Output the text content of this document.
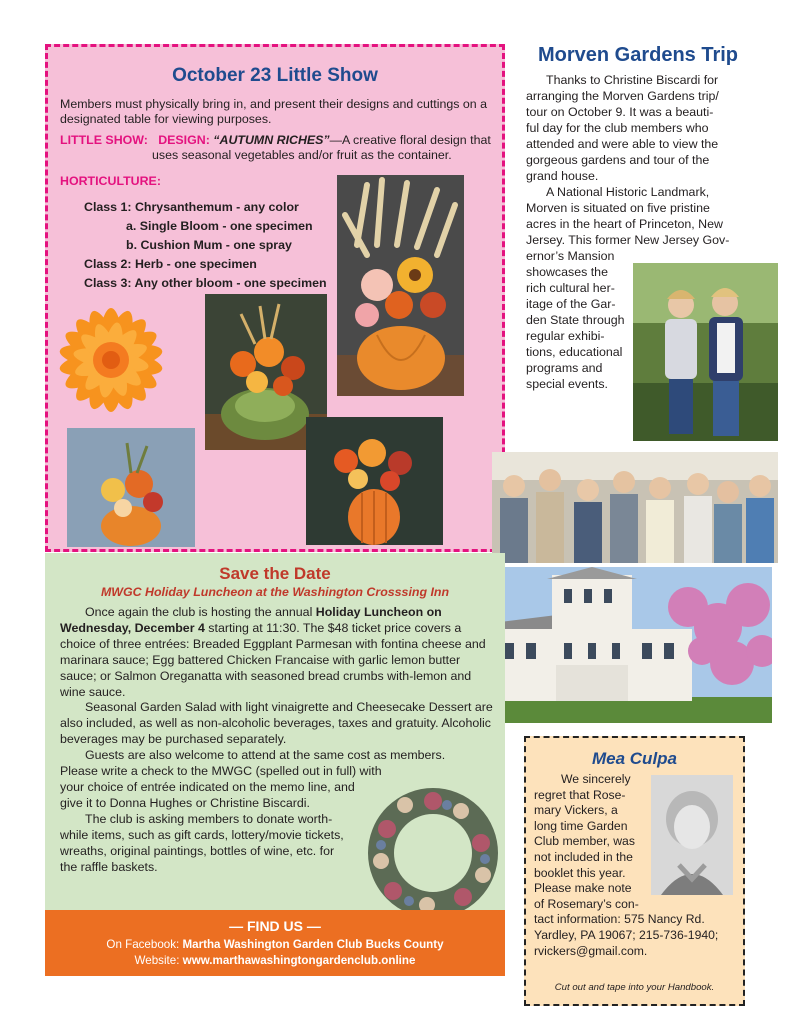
October 23 Little Show
Members must physically bring in, and present their designs and cuttings on a designated table for viewing purposes.
LITTLE SHOW: DESIGN: “AUTUMN RICHES”—A creative floral design that
uses seasonal vegetables and/or fruit as the container.
HORTICULTURE:
Class 1: Chrysanthemum - any color
a. Single Bloom - one specimen
b. Cushion Mum - one spray
Class 2: Herb - one specimen
Class 3: Any other bloom - one specimen
Morven Gardens Trip
Thanks to Christine Biscardi for
arranging the Morven Gardens trip/
tour on October 9. It was a beauti-
ful day for the club members who
attended and were able to view the
gorgeous gardens and tour of the
grand house.
A National Historic Landmark,
Morven is situated on five pristine
acres in the heart of Princeton, New
Jersey. This former New Jersey Gov-
ernor’s Mansion
showcases the
rich cultural her-
itage of the Gar-
den State through
regular exhibi-
tions, educational
programs and
special events.
Save the Date
MWGC Holiday Luncheon at the Washington Crosssing Inn

Once again the club is hosting the annual Holiday Luncheon on Wednesday, December 4 starting at 11:30. The $48 ticket price covers a choice of three entrées: Breaded Eggplant Parmesan with fontina cheese and marinara sauce; Egg battered Chicken Francaise with garlic lemon butter sauce; or Salmon Oreganatta with seasoned bread crumbs with-lemon and wine sauce.

Seasonal Garden Salad with light vinaigrette and Cheesecake Dessert are also included, as well as non-alcoholic beverages, taxes and gratuity. Alcoholic beverages may be purchased separately.

Guests are also welcome to attend at the same cost as members.
Please write a check to the MWGC (spelled out in full) with
your choice of entrée indicated on the memo line, and
give it to Donna Hughes or Christine Biscardi.
The club is asking members to donate worth-
while items, such as gift cards, lottery/movie tickets,
wreaths, original paintings, bottles of wine, etc. for
the raffle baskets.
— FIND US —
On Facebook: Martha Washington Garden Club Bucks County
Website: www.marthawashingtongardenclub.online
Mea Culpa
We sincerely
regret that Rose-
mary Vickers, a
long time Garden
Club member, was
not included in the
booklet this year.
Please make note
of Rosemary’s con-
tact information: 575 Nancy Rd.
Yardley, PA 19067; 215-736-1940;
rvickers@gmail.com.
Cut out and tape into your Handbook.
